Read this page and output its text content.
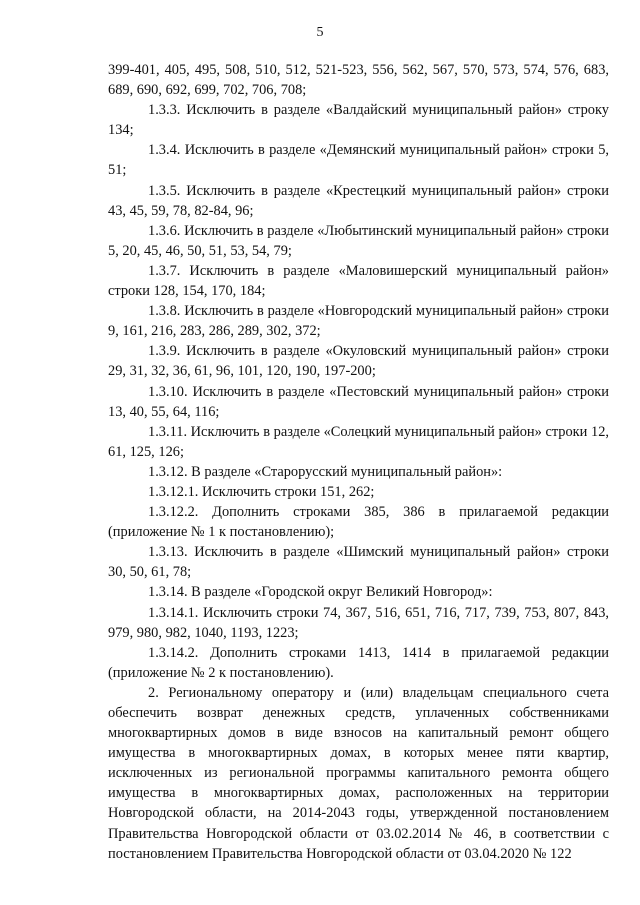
5

399-401, 405, 495, 508, 510, 512, 521-523, 556, 562, 567, 570, 573, 574, 576, 683, 689, 690, 692, 699, 702, 706, 708;

1.3.3. Исключить в разделе «Валдайский муниципальный район» строку 134;

1.3.4. Исключить в разделе «Демянский муниципальный район» строки 5, 51;

1.3.5. Исключить в разделе «Крестецкий муниципальный район» строки 43, 45, 59, 78, 82-84, 96;

1.3.6. Исключить в разделе «Любытинский муниципальный район» строки 5, 20, 45, 46, 50, 51, 53, 54, 79;

1.3.7. Исключить в разделе «Маловишерский муниципальный район» строки 128, 154, 170, 184;

1.3.8. Исключить в разделе «Новгородский муниципальный район» строки 9, 161, 216, 283, 286, 289, 302, 372;

1.3.9. Исключить в разделе «Окуловский муниципальный район» строки 29, 31, 32, 36, 61, 96, 101, 120, 190, 197-200;

1.3.10. Исключить в разделе «Пестовский муниципальный район» строки 13, 40, 55, 64, 116;

1.3.11. Исключить в разделе «Солецкий муниципальный район» строки 12, 61, 125, 126;

1.3.12. В разделе «Старорусский муниципальный район»:

1.3.12.1. Исключить строки 151, 262;

1.3.12.2. Дополнить строками 385, 386 в прилагаемой редакции (приложение № 1 к постановлению);

1.3.13. Исключить в разделе «Шимский муниципальный район» строки 30, 50, 61, 78;

1.3.14. В разделе «Городской округ Великий Новгород»:

1.3.14.1. Исключить строки 74, 367, 516, 651, 716, 717, 739, 753, 807, 843, 979, 980, 982, 1040, 1193, 1223;

1.3.14.2. Дополнить строками 1413, 1414 в прилагаемой редакции (приложение № 2 к постановлению).

2. Региональному оператору и (или) владельцам специального счета обеспечить возврат денежных средств, уплаченных собственниками многоквартирных домов в виде взносов на капитальный ремонт общего имущества в многоквартирных домах, в которых менее пяти квартир, исключенных из региональной программы капитального ремонта общего имущества в многоквартирных домах, расположенных на территории Новгородской области, на 2014-2043 годы, утвержденной постановлением Правительства Новгородской области от 03.02.2014 № 46, в соответствии с постановлением Правительства Новгородской области от 03.04.2020 № 122
